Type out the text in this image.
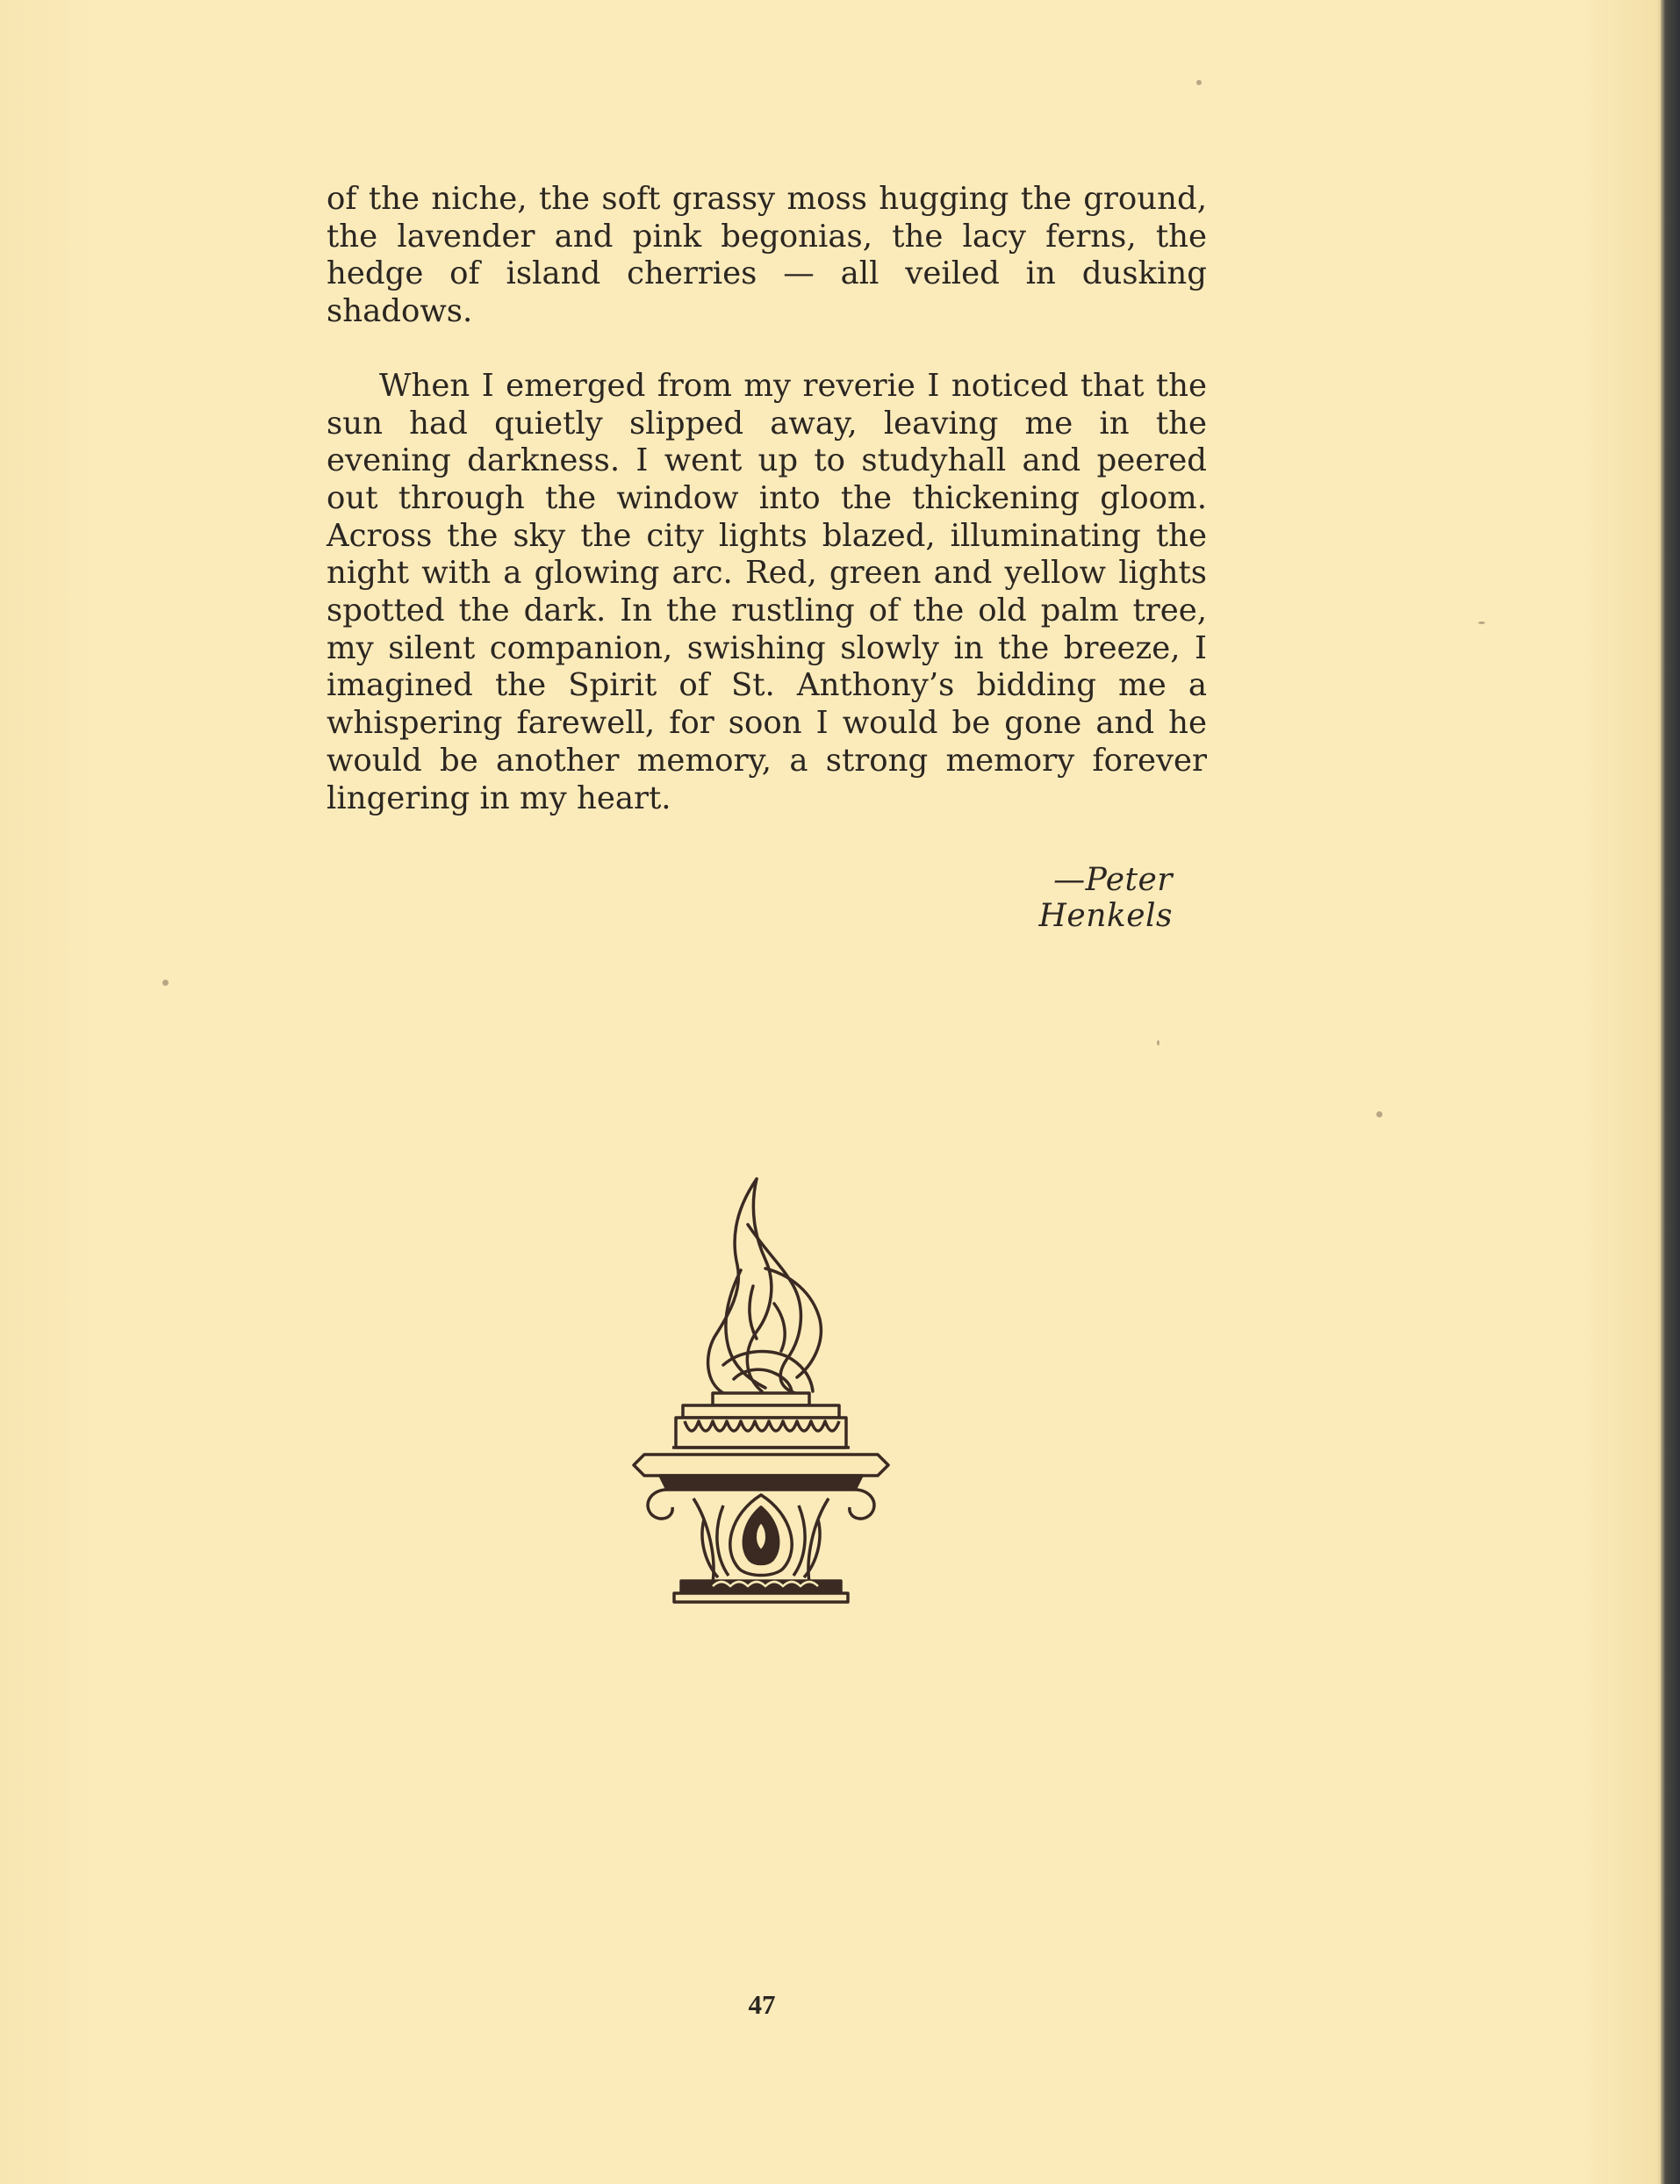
of the niche, the soft grassy moss hugging the ground, the lavender and pink begonias, the lacy ferns, the hedge of island cherries — all veiled in dusking shadows.

When I emerged from my reverie I noticed that the sun had quietly slipped away, leaving me in the evening darkness. I went up to studyhall and peered out through the window into the thickening gloom. Across the sky the city lights blazed, illuminating the night with a glowing arc. Red, green and yellow lights spotted the dark. In the rustling of the old palm tree, my silent companion, swishing slowly in the breeze, I imagined the Spirit of St. Anthony’s bidding me a whispering farewell, for soon I would be gone and he would be another memory, a strong memory forever lingering in my heart.

—Peter Henkels
47
